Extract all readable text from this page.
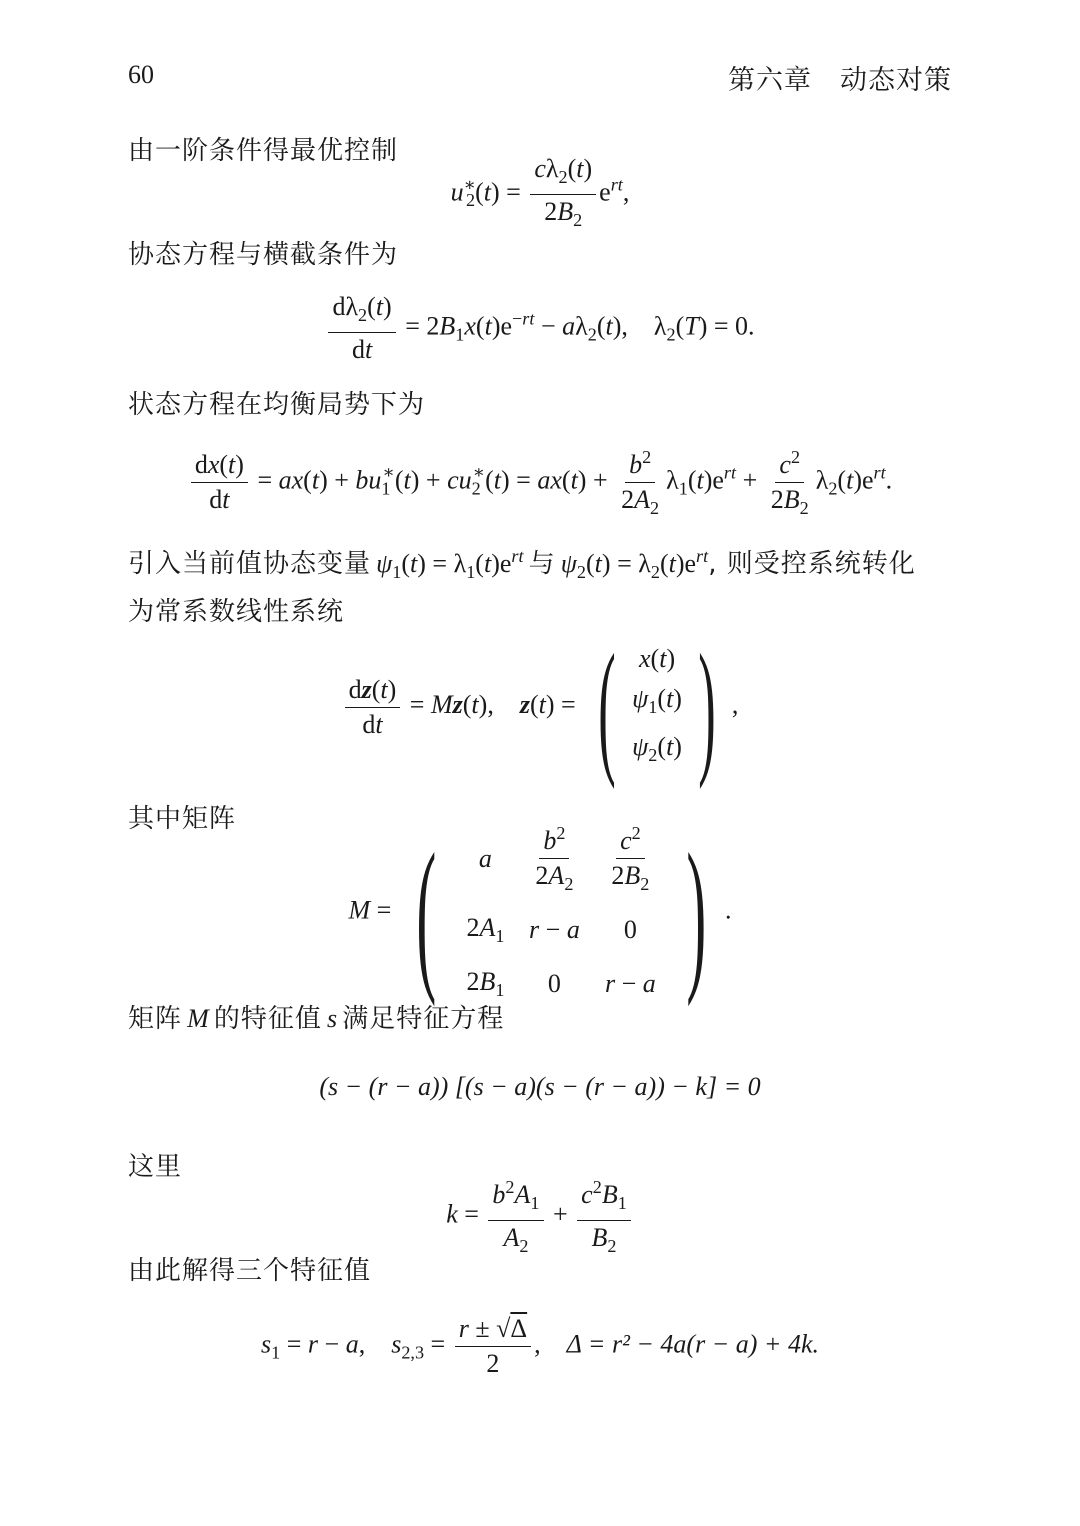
60	第六章　动态对策
由一阶条件得最优控制
$u^∗_2(t) = \frac{c\lambda_2(t)}{2B_2} e^{rt}$,
协态方程与横截条件为
$\frac{d\lambda_2(t)}{dt} = 2B_1x(t)e^{-rt} - a\lambda_2(t)$,    $\lambda_2(T) = 0$.
状态方程在均衡局势下为
$\frac{dx(t)}{dt} = ax(t) + bu_1^∗(t) + cu_2^∗(t) = ax(t) + \frac{b^2}{2A_2} \lambda_1(t)e^{rt} + \frac{c^2}{2B_2} \lambda_2(t)e^{rt}$.
引入当前值协态变量 $\psi_1(t) = \lambda_1(t)e^{rt}$ 与 $\psi_2(t) = \lambda_2(t)e^{rt}$, 则受控系统转化
为常系数线性系统
$\frac{dz(t)}{dt} = Mz(t)$,    z(t) = ( x(t)
$\psi_1(t)$
$\psi_2(t)$ ) ,
其中矩阵
M = ( a	$\frac{b^2}{2A_2}$	$\frac{c^2}{2B_2}$

$2A_1$	r − a	0
$2B_1$	0	r − a ) .
矩阵 M 的特征值 s 满足特征方程
(s − (r − a)) [(s − a)(s − (r − a)) − k] = 0
这里
$k = \frac{b^2A_1}{A_2} + \frac{c^2B_1}{B_2}$
由此解得三个特征值
$s_1 = r - a$,    $s_{2,3} = \frac{r \pm √\Delta}{2}$ ,    Δ = r² − 4a(r − a) + 4k.
